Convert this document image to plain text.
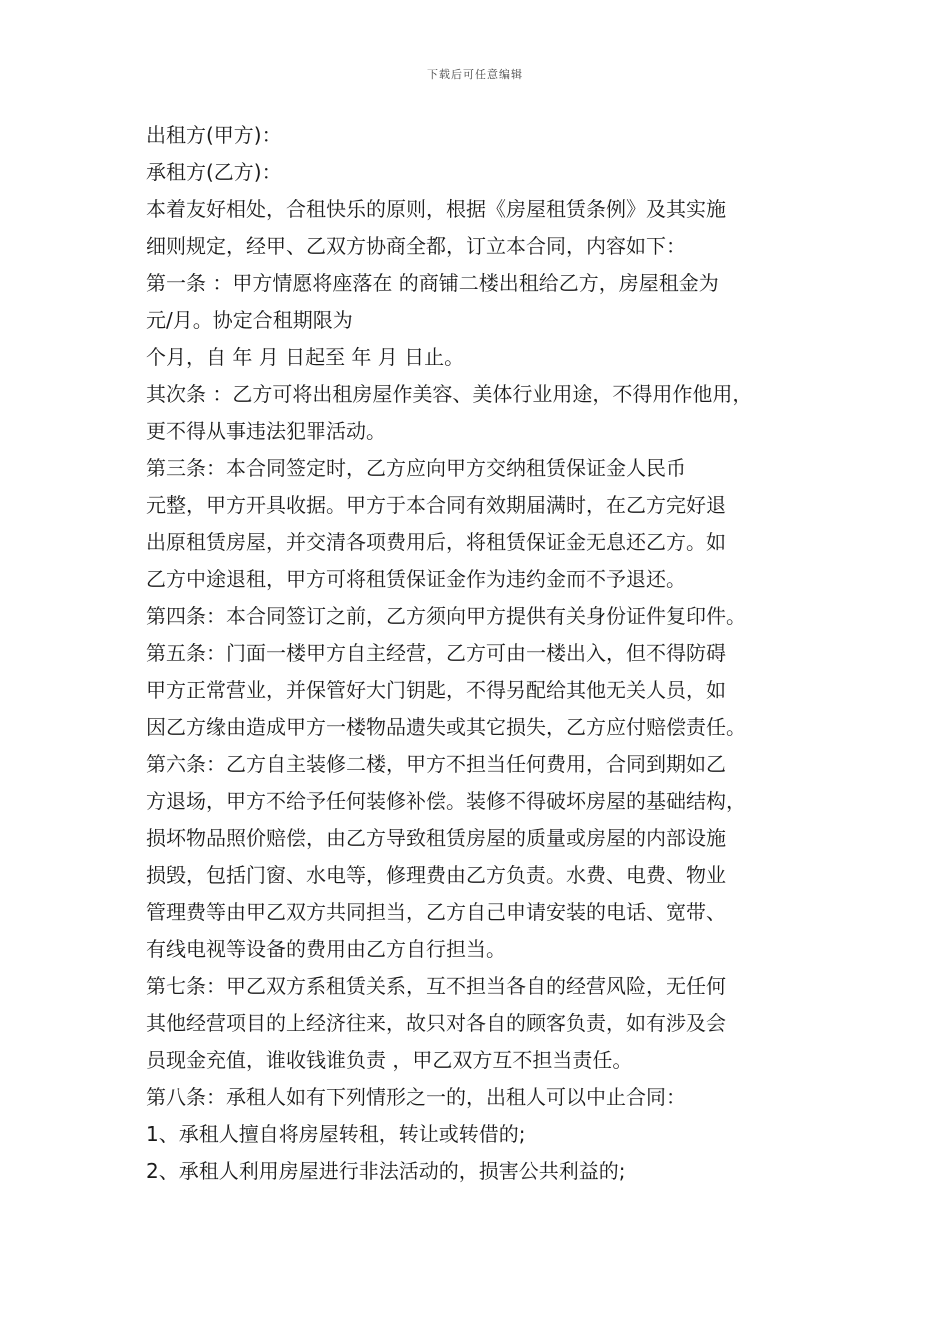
下载后可任意编辑
出租方(甲方)：
承租方(乙方)：
本着友好相处，合租快乐的原则，根据《房屋租赁条例》及其实施
细则规定，经甲、乙双方协商全都，订立本合同，内容如下：
第一条 ：甲方情愿将座落在 的商铺二楼出租给乙方，房屋租金为
元/月。协定合租期限为
个月，自 年 月 日起至 年 月 日止。
其次条 ：乙方可将出租房屋作美容、美体行业用途，不得用作他用，
更不得从事违法犯罪活动。
第三条：本合同签定时，乙方应向甲方交纳租赁保证金人民币
元整，甲方开具收据。甲方于本合同有效期届满时，在乙方完好退
出原租赁房屋，并交清各项费用后，将租赁保证金无息还乙方。如
乙方中途退租，甲方可将租赁保证金作为违约金而不予退还。
第四条：本合同签订之前，乙方须向甲方提供有关身份证件复印件。
第五条：门面一楼甲方自主经营，乙方可由一楼出入，但不得防碍
甲方正常营业，并保管好大门钥匙，不得另配给其他无关人员，如
因乙方缘由造成甲方一楼物品遗失或其它损失，乙方应付赔偿责任。
第六条：乙方自主装修二楼，甲方不担当任何费用，合同到期如乙
方退场，甲方不给予任何装修补偿。装修不得破坏房屋的基础结构，
损坏物品照价赔偿，由乙方导致租赁房屋的质量或房屋的内部设施
损毁，包括门窗、水电等，修理费由乙方负责。水费、电费、物业
管理费等由甲乙双方共同担当，乙方自己申请安装的电话、宽带、
有线电视等设备的费用由乙方自行担当。
第七条：甲乙双方系租赁关系，互不担当各自的经营风险，无任何
其他经营项目的上经济往来，故只对各自的顾客负责，如有涉及会
员现金充值，谁收钱谁负责 ，甲乙双方互不担当责任。
第八条：承租人如有下列情形之一的，出租人可以中止合同：
1、承租人擅自将房屋转租，转让或转借的;
2、承租人利用房屋进行非法活动的，损害公共利益的;
